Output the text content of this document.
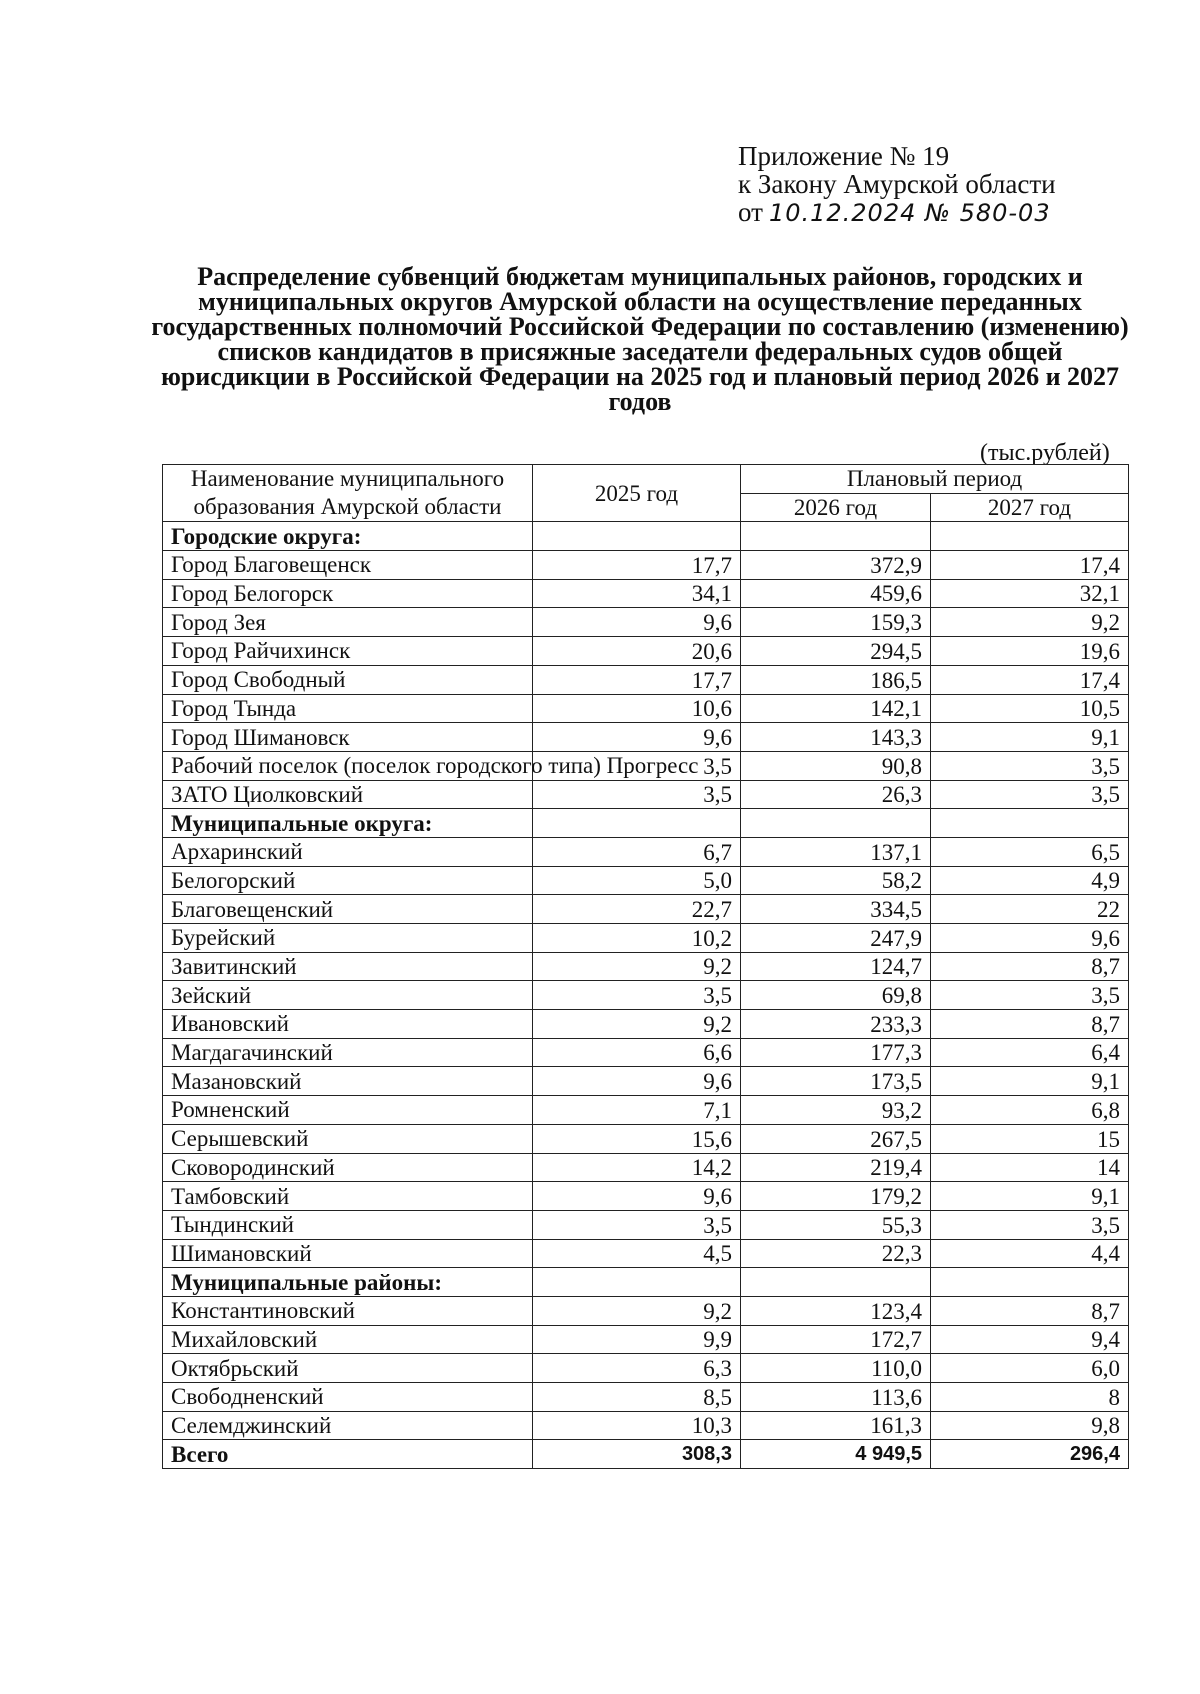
Приложение № 19
к Закону Амурской области
от 10.12.2024 № 580-03
Распределение субвенций бюджетам муниципальных районов, городских и муниципальных округов Амурской области на осуществление переданных государственных полномочий Российской Федерации по составлению (изменению) списков кандидатов в присяжные заседатели федеральных судов общей юрисдикции в Российской Федерации на 2025 год и плановый период 2026 и 2027 годов
(тыс.рублей)
Наименование муниципального образования Амурской области	2025 год	Плановый период	
		2026 год	2027 год
Городские округа:			
Город Благовещенск	17,7	372,9	17,4
Город Белогорск	34,1	459,6	32,1
Город Зея	9,6	159,3	9,2
Город Райчихинск	20,6	294,5	19,6
Город Свободный	17,7	186,5	17,4
Город Тында	10,6	142,1	10,5
Город Шимановск	9,6	143,3	9,1
Рабочий поселок (поселок городского типа) Прогресс	3,5	90,8	3,5
ЗАТО Циолковский	3,5	26,3	3,5
Муниципальные округа:			
Архаринский	6,7	137,1	6,5
Белогорский	5,0	58,2	4,9
Благовещенский	22,7	334,5	22
Бурейский	10,2	247,9	9,6
Завитинский	9,2	124,7	8,7
Зейский	3,5	69,8	3,5
Ивановский	9,2	233,3	8,7
Магдагачинский	6,6	177,3	6,4
Мазановский	9,6	173,5	9,1
Ромненский	7,1	93,2	6,8
Серышевский	15,6	267,5	15
Сковородинский	14,2	219,4	14
Тамбовский	9,6	179,2	9,1
Тындинский	3,5	55,3	3,5
Шимановский	4,5	22,3	4,4
Муниципальные районы:			
Константиновский	9,2	123,4	8,7
Михайловский	9,9	172,7	9,4
Октябрьский	6,3	110,0	6,0
Свободненский	8,5	113,6	8
Селемджинский	10,3	161,3	9,8
Всего	308,3	4 949,5	296,4
